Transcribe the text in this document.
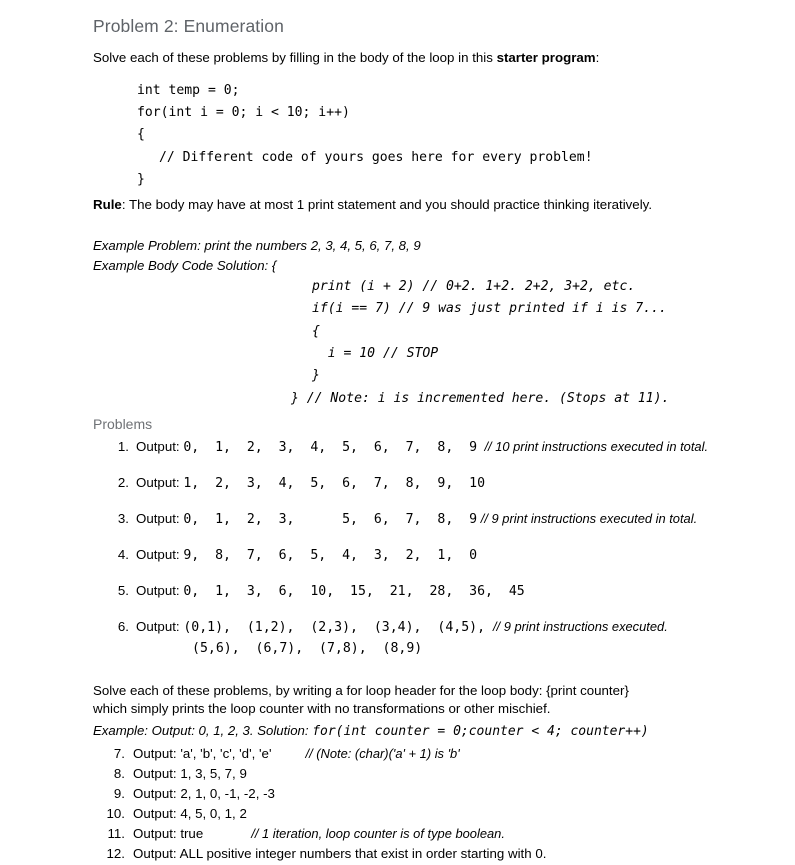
Problem 2: Enumeration

Solve each of these problems by filling in the body of the loop in this starter program:

int temp = 0;
for(int i = 0; i < 10; i++)
{
// Different code of yours goes here for every problem!
}

Rule: The body may have at most 1 print statement and you should practice thinking iteratively.

Example Problem: print the numbers 2, 3, 4, 5, 6, 7, 8, 9

Example Body Code Solution: {

print (i + 2) // 0+2. 1+2. 2+2, 3+2, etc.
if(i == 7) // 9 was just printed if i is 7...
{
i = 10 // STOP
}
} // Note: i is incremented here. (Stops at 11).

Problems

1. Output: 0,  1,  2,  3,  4,  5,  6,  7,  8,  9 // 10 print instructions executed in total.
2. Output: 1,  2,  3,  4,  5,  6,  7,  8,  9,  10
3. Output: 0,  1,  2,  3,      5,  6,  7,  8,  9 // 9 print instructions executed in total.
4. Output: 9,  8,  7,  6,  5,  4,  3,  2,  1,  0
5. Output: 0,  1,  3,  6,  10,  15,  21,  28,  36,  45
6. Output: (0,1),  (1,2),  (2,3),  (3,4),  (4,5), // 9 print instructions executed.
(5,6),  (6,7),  (7,8),  (8,9)

Solve each of these problems, by writing a for loop header for the loop body: {print counter}

which simply prints the loop counter with no transformations or other mischief.

Example: Output: 0, 1, 2, 3. Solution: for(int counter = 0;counter < 4; counter++)

7. Output: 'a', 'b', 'c', 'd', 'e'	// (Note: (char)('a' + 1) is 'b'
8. Output: 1, 3, 5, 7, 9
9. Output: 2, 1, 0, -1, -2, -3
10. Output: 4, 5, 0, 1, 2
11. Output: true	// 1 iteration, loop counter is of type boolean.
12. Output: ALL positive integer numbers that exist in order starting with 0.
